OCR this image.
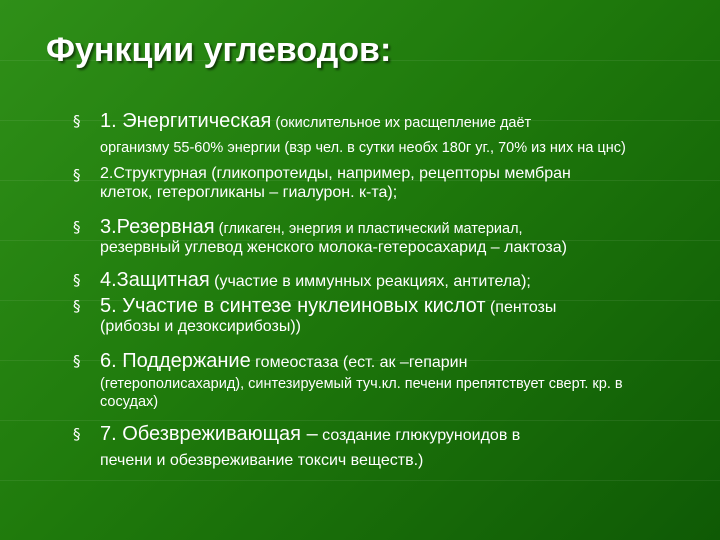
Функции углеводов:
§ 1. Энергитическая (окислительное их расщепление даёт

организму 55-60% энергии (взр чел. в сутки необх 180г уг., 70% из них на цнс)

§ 2.Структурная (гликопротеиды, например, рецепторы мембран

клеток, гетерогликаны – гиалурон. к-та);

§ 3.Резервная (гликаген, энергия и пластический материал,

резервный углевод женского молока-гетеросахарид – лактоза)

§ 4.Защитная (участие в иммунных реакциях, антитела);

§ 5. Участие в синтезе нуклеиновых кислот (пентозы

(рибозы и дезоксирибозы))

§ 6. Поддержание гомеостаза (ест. ак –гепарин

(гетерополисахарид), синтезируемый туч.кл. печени препятствует сверт. кр. в сосудах)

§ 7. Обезвреживающая – создание глюкуруноидов в

печени и обезвреживание токсич веществ.)
